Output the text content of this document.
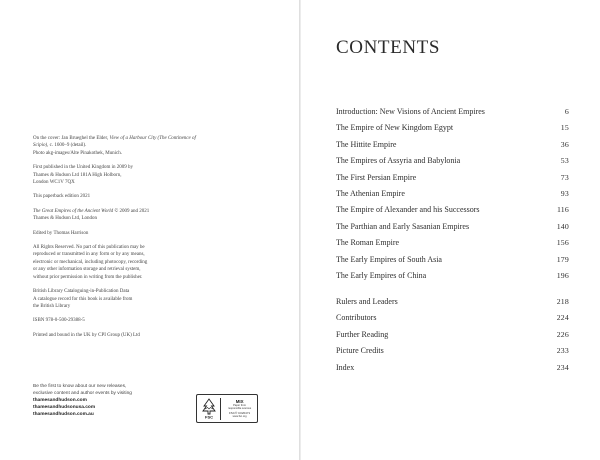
On the cover: Jan Brueghel the Elder, View of a Harbour City (The Continence of Scipio), c. 1600–9 (detail).
Photo akg-images/Alte Pinakothek, Munich.

First published in the United Kingdom in 2009 by
Thames & Hudson Ltd 181A High Holborn,
London WC1V 7QX

This paperback edition 2021

The Great Empires of the Ancient World © 2009 and 2021
Thames & Hudson Ltd, London

Edited by Thomas Harrison

All Rights Reserved. No part of this publication may be
reproduced or transmitted in any form or by any means,
electronic or mechanical, including photocopy, recording
or any other information storage and retrieval system,
without prior permission in writing from the publisher.

British Library Cataloguing-in-Publication Data
A catalogue record for this book is available from
the British Library

ISBN 978-0-500-29388-5

Printed and bound in the UK by CPI Group (UK) Ltd

Be the first to know about our new releases,
exclusive content and author events by visiting
thamesandhudson.com
thamesandhudsonusa.com
thamesandhudson.com.au	FSC
MIX
Paper from
responsible sources
FSC® C020471
www.fsc.org
CONTENTS
Introduction: New Visions of Ancient Empires	6
The Empire of New Kingdom Egypt	15
The Hittite Empire	36
The Empires of Assyria and Babylonia	53
The First Persian Empire	73
The Athenian Empire	93
The Empire of Alexander and his Successors	116
The Parthian and Early Sasanian Empires	140
The Roman Empire	156
The Early Empires of South Asia	179
The Early Empires of China	196
Rulers and Leaders	218
Contributors	224
Further Reading	226
Picture Credits	233
Index	234
